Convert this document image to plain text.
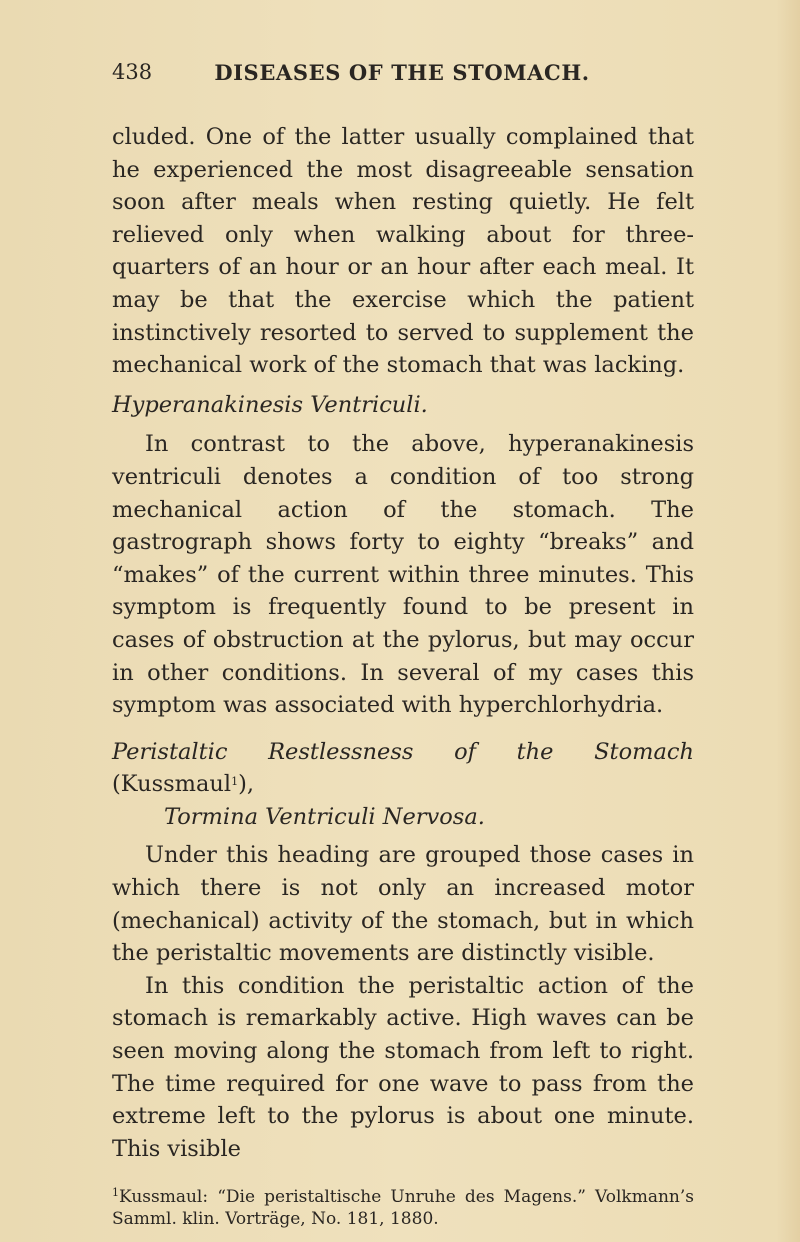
438	DISEASES OF THE STOMACH.

cluded. One of the latter usually complained that he experienced the most disagreeable sensation soon after meals when resting quietly. He felt relieved only when walking about for three-quarters of an hour or an hour after each meal. It may be that the exercise which the patient instinctively resorted to served to supplement the mechanical work of the stomach that was lacking.

Hyperanakinesis Ventriculi.

In contrast to the above, hyperanakinesis ventriculi denotes a condition of too strong mechanical action of the stomach. The gastrograph shows forty to eighty “breaks” and “makes” of the current within three minutes. This symptom is frequently found to be present in cases of obstruction at the pylorus, but may occur in other conditions. In several of my cases this symptom was associated with hyperchlorhydria.

Peristaltic Restlessness of the Stomach (Kussmaul$^1$),

Tormina Ventriculi Nervosa.

Under this heading are grouped those cases in which there is not only an increased motor (mechanical) activity of the stomach, but in which the peristaltic movements are distinctly visible.

In this condition the peristaltic action of the stomach is remarkably active. High waves can be seen moving along the stomach from left to right. The time required for one wave to pass from the extreme left to the pylorus is about one minute. This visible

$^1$Kussmaul: “Die peristaltische Unruhe des Magens.” Volkmann’s Samml. klin. Vorträge, No. 181, 1880.
